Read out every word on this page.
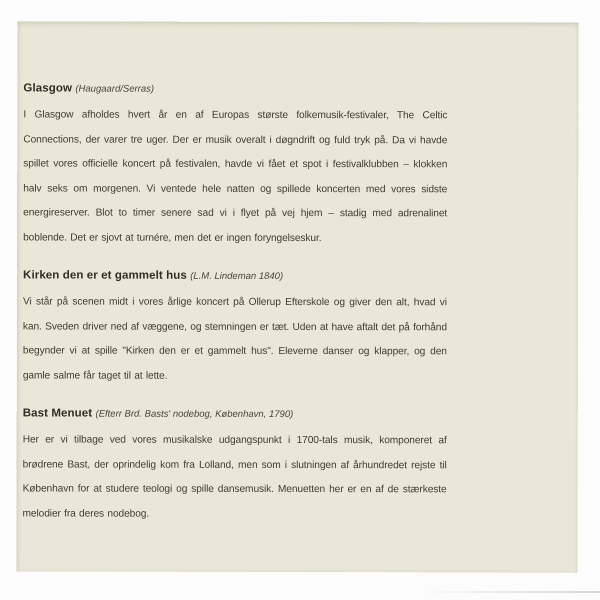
Glasgow (Haugaard/Serras)

I Glasgow afholdes hvert år en af Europas største folkemusik-festivaler, The Celtic Connections, der varer tre uger. Der er musik overalt i døgndrift og fuld tryk på. Da vi havde spillet vores officielle koncert på festivalen, havde vi fået et spot i festivalklubben – klokken halv seks om morgenen. Vi ventede hele natten og spillede koncerten med vores sidste energireserver. Blot to timer senere sad vi i flyet på vej hjem – stadig med adrenalinet boblende. Det er sjovt at turnére, men det er ingen foryngelseskur.

Kirken den er et gammelt hus (L.M. Lindeman 1840)

Vi står på scenen midt i vores årlige koncert på Ollerup Efterskole og giver den alt, hvad vi kan. Sveden driver ned af væggene, og stemningen er tæt. Uden at have aftalt det på forhånd begynder vi at spille "Kirken den er et gammelt hus". Eleverne danser og klapper, og den gamle salme får taget til at lette.

Bast Menuet (Efterr Brd. Basts' nodebog, København, 1790)

Her er vi tilbage ved vores musikalske udgangspunkt i 1700-tals musik, komponeret af brødrene Bast, der oprindelig kom fra Lolland, men som i slutningen af århundredet rejste til København for at studere teologi og spille dansemusik. Menuetten her er en af de stærkeste melodier fra deres nodebog.
